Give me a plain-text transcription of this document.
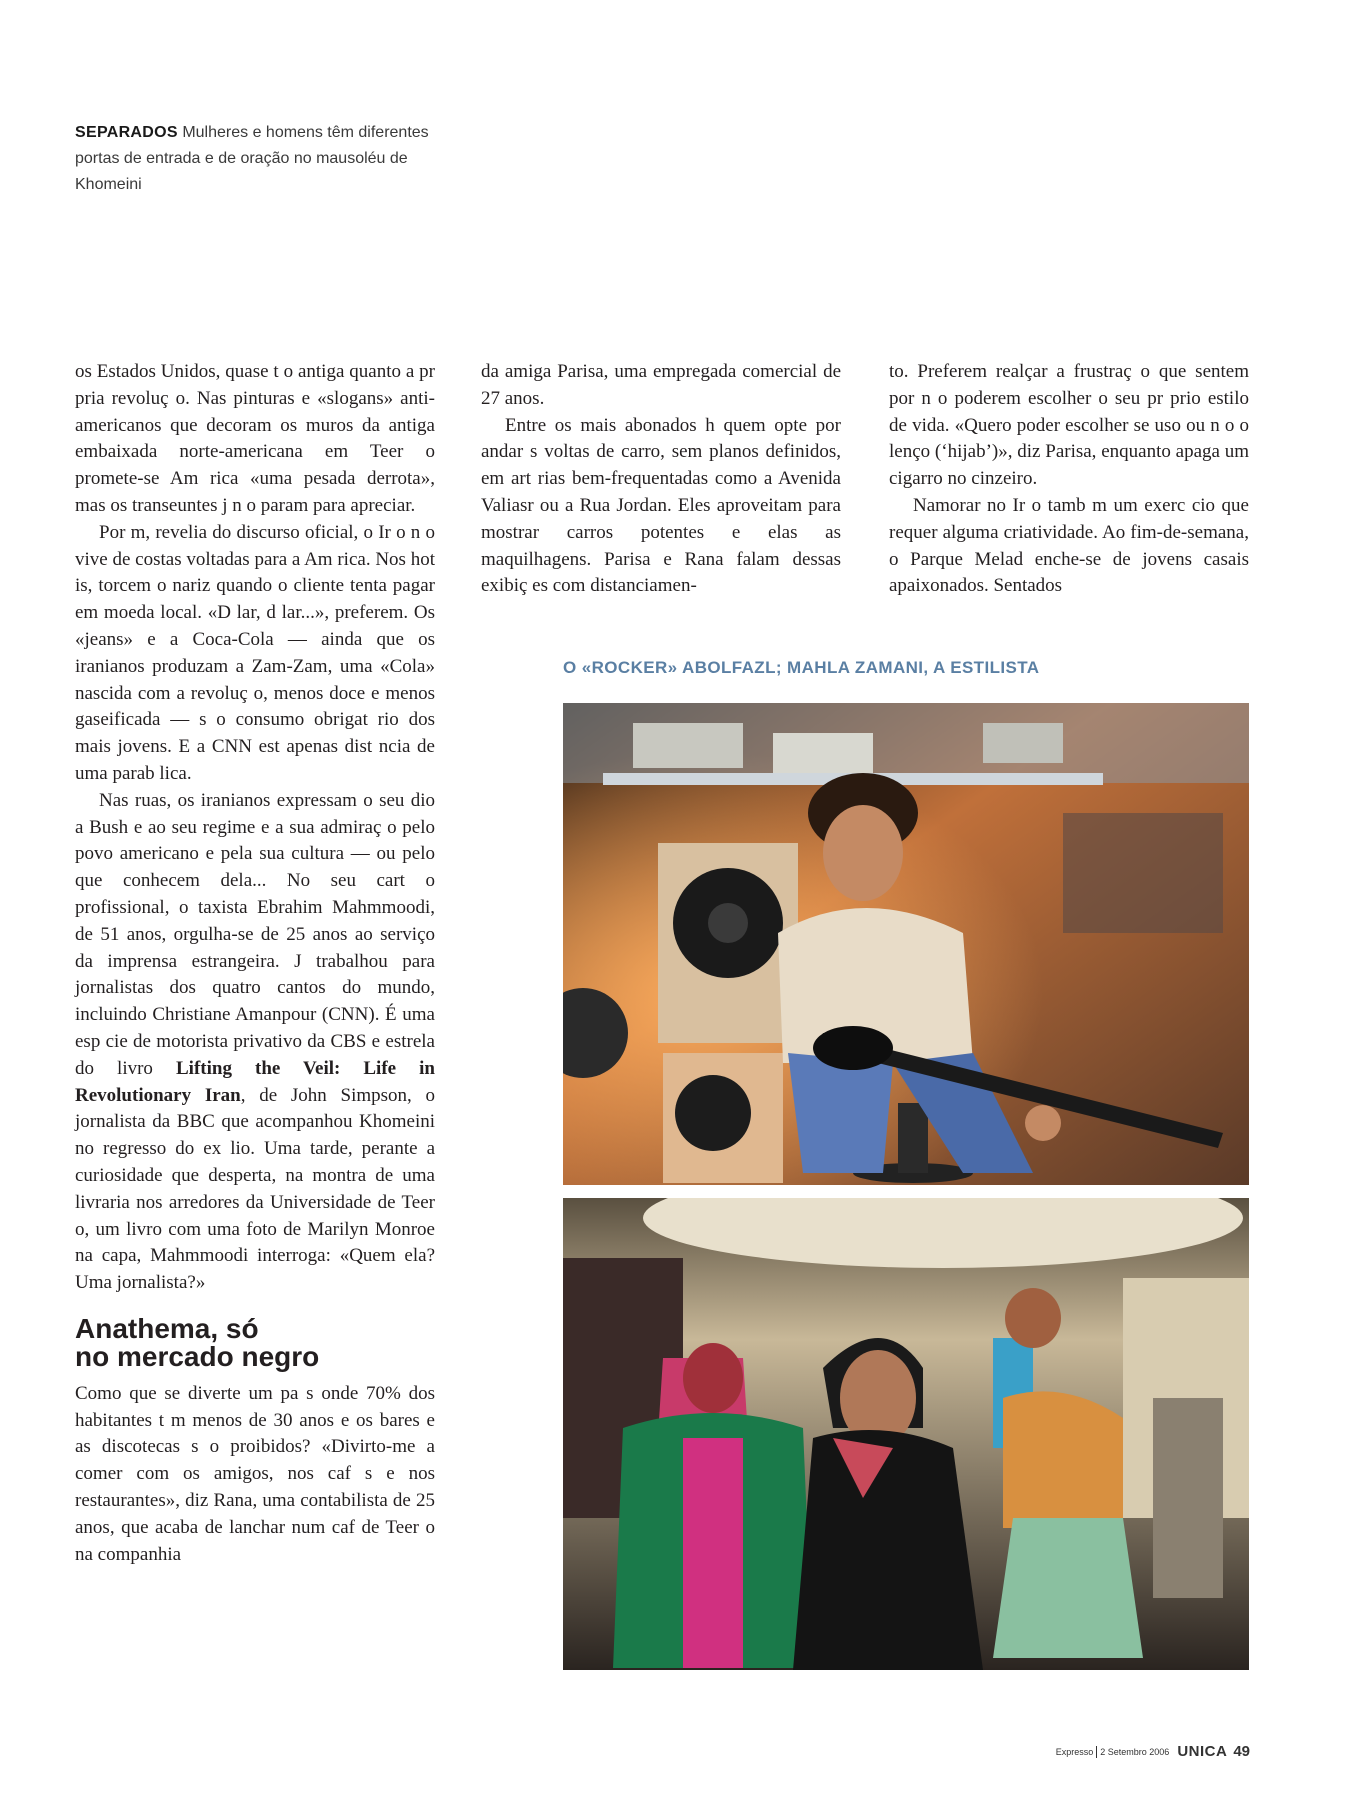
SEPARADOS Mulheres e homens têm diferentes portas de entrada e de oração no mausoléu de Khomeini

os Estados Unidos, quase t o antiga quanto a pr pria revoluç o. Nas pinturas e «slogans» anti-americanos que decoram os muros da antiga embaixada norte-americana em Teer o promete-se Am rica «uma pesada derrota», mas os transeuntes j n o param para apreciar.

Por m, revelia do discurso oficial, o Ir o n o vive de costas voltadas para a Am rica. Nos hot is, torcem o nariz quando o cliente tenta pagar em moeda local. «D lar, d lar...», preferem. Os «jeans» e a Coca-Cola — ainda que os iranianos produzam a Zam-Zam, uma «Cola» nascida com a revoluç o, menos doce e menos gaseificada — s o consumo obrigat rio dos mais jovens. E a CNN est apenas dist ncia de uma parab lica.

Nas ruas, os iranianos expressam o seu dio a Bush e ao seu regime e a sua admiraç o pelo povo americano e pela sua cultura — ou pelo que conhecem dela... No seu cart o profissional, o taxista Ebrahim Mahmmoodi, de 51 anos, orgulha-se de 25 anos ao serviço da imprensa estrangeira. J trabalhou para jornalistas dos quatro cantos do mundo, incluindo Christiane Amanpour (CNN). É uma esp cie de motorista privativo da CBS e estrela do livro Lifting the Veil: Life in Revolutionary Iran, de John Simpson, o jornalista da BBC que acompanhou Khomeini no regresso do ex lio. Uma tarde, perante a curiosidade que desperta, na montra de uma livraria nos arredores da Universidade de Teer o, um livro com uma foto de Marilyn Monroe na capa, Mahmmoodi interroga: «Quem ela? Uma jornalista?»

Anathema, só
no mercado negro

Como que se diverte um pa s onde 70% dos habitantes t m menos de 30 anos e os bares e as discotecas s o proibidos? «Divirto-me a comer com os amigos, nos caf s e nos restaurantes», diz Rana, uma contabilista de 25 anos, que acaba de lanchar num caf de Teer o na companhia

da amiga Parisa, uma empregada comercial de 27 anos.

Entre os mais abonados h quem opte por andar s voltas de carro, sem planos definidos, em art rias bem-frequentadas como a Avenida Valiasr ou a Rua Jordan. Eles aproveitam para mostrar carros potentes e elas as maquilhagens. Parisa e Rana falam dessas exibiç es com distanciamen-

to. Preferem realçar a frustraç o que sentem por n o poderem escolher o seu pr prio estilo de vida. «Quero poder escolher se uso ou n o o lenço (‘hijab’)», diz Parisa, enquanto apaga um cigarro no cinzeiro.

Namorar no Ir o tamb m um exerc cio que requer alguma criatividade. Ao fim-de-semana, o Parque Melad enche-se de jovens casais apaixonados. Sentados

O «ROCKER» ABOLFAZL; MAHLA ZAMANI, A ESTILISTA
Expresso 2 Setembro 2006 UNICA 49
